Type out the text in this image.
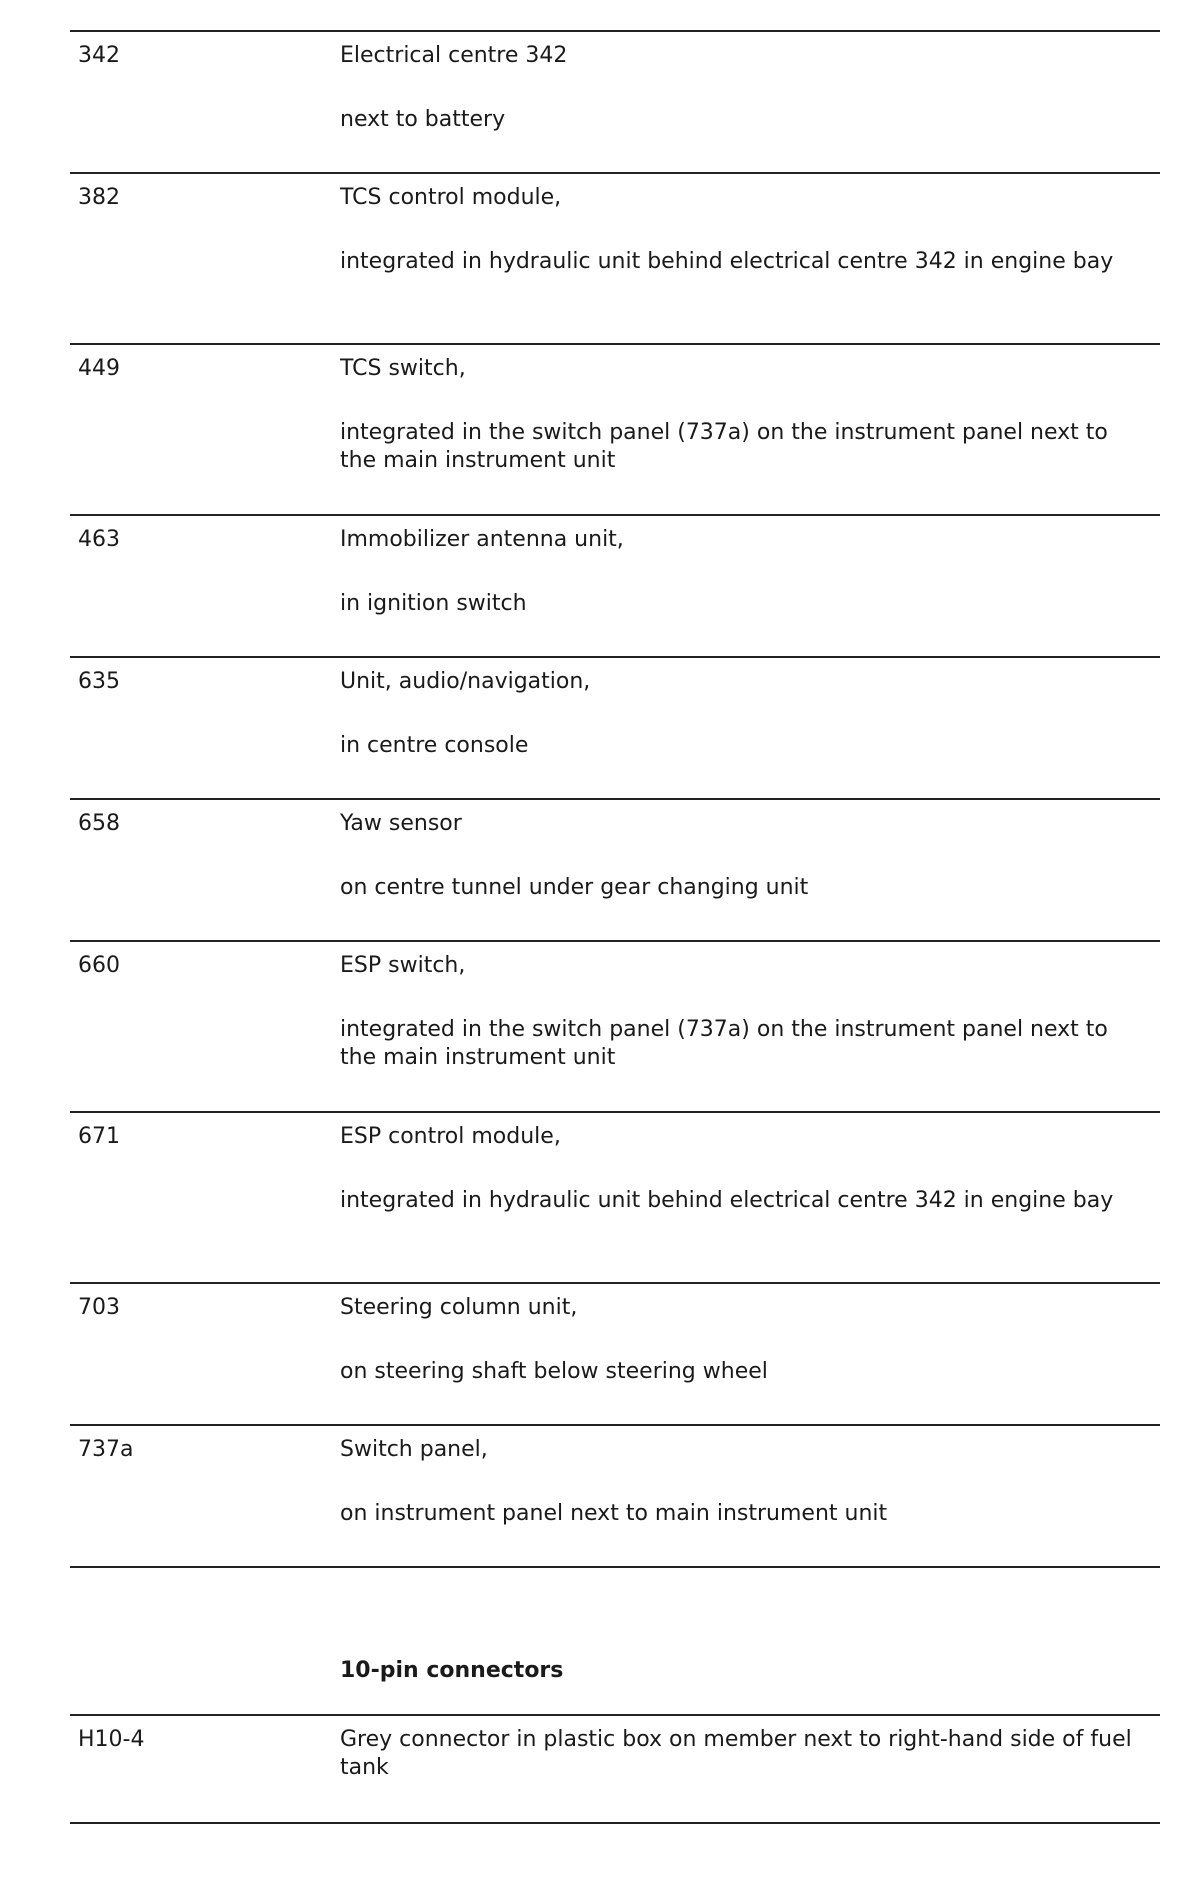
342	Electrical centre 342
next to battery
382	TCS control module,
integrated in hydraulic unit behind electrical centre 342 in engine bay
449	TCS switch,
integrated in the switch panel (737a) on the instrument panel next to the main instrument unit
463	Immobilizer antenna unit,
in ignition switch
635	Unit, audio/navigation,
in centre console
658	Yaw sensor
on centre tunnel under gear changing unit
660	ESP switch,
integrated in the switch panel (737a) on the instrument panel next to the main instrument unit
671	ESP control module,
integrated in hydraulic unit behind electrical centre 342 in engine bay
703	Steering column unit,
on steering shaft below steering wheel
737a	Switch panel,
on instrument panel next to main instrument unit
10-pin connectors
H10-4	Grey connector in plastic box on member next to right-hand side of fuel tank
